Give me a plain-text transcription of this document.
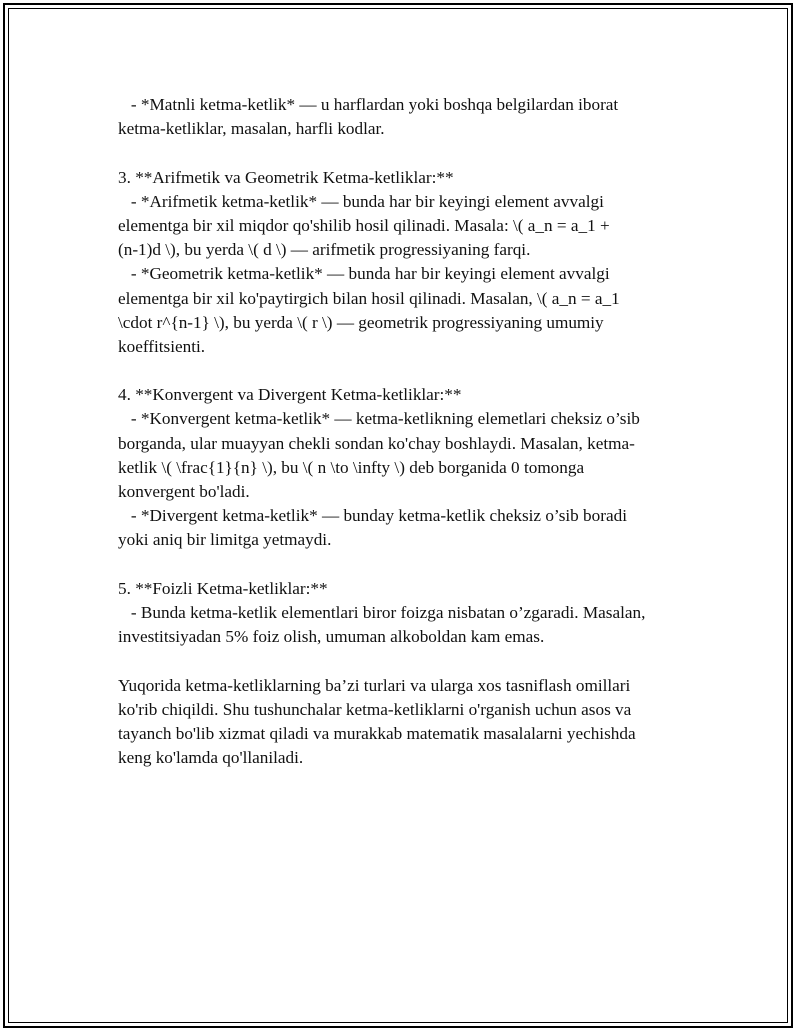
- *Matnli ketma-ketlik* — u harflardan yoki boshqa belgilardan iborat
ketma-ketliklar, masalan, harfli kodlar.
3. **Arifmetik va Geometrik Ketma-ketliklar:**
- *Arifmetik ketma-ketlik* — bunda har bir keyingi element avvalgi
elementga bir xil miqdor qo'shilib hosil qilinadi. Masala: \( a_n = a_1 +
(n-1)d \), bu yerda \( d \) — arifmetik progressiyaning farqi.
- *Geometrik ketma-ketlik* — bunda har bir keyingi element avvalgi
elementga bir xil ko'paytirgich bilan hosil qilinadi. Masalan, \( a_n = a_1
\cdot r^{n-1} \), bu yerda \( r \) — geometrik progressiyaning umumiy
koeffitsienti.
4. **Konvergent va Divergent Ketma-ketliklar:**
- *Konvergent ketma-ketlik* — ketma-ketlikning elemetlari cheksiz o’sib
borganda, ular muayyan chekli sondan ko'chay boshlaydi. Masalan, ketma-
ketlik \( \frac{1}{n} \), bu \( n \to \infty \) deb borganida 0 tomonga
konvergent bo'ladi.
- *Divergent ketma-ketlik* — bunday ketma-ketlik cheksiz o’sib boradi
yoki aniq bir limitga yetmaydi.
5. **Foizli Ketma-ketliklar:**
- Bunda ketma-ketlik elementlari biror foizga nisbatan o’zgaradi. Masalan,
investitsiyadan 5% foiz olish, umuman alkoboldan kam emas.
Yuqorida ketma-ketliklarning ba’zi turlari va ularga xos tasniflash omillari
ko'rib chiqildi. Shu tushunchalar ketma-ketliklarni o'rganish uchun asos va
tayanch bo'lib xizmat qiladi va murakkab matematik masalalarni yechishda
keng ko'lamda qo'llaniladi.
